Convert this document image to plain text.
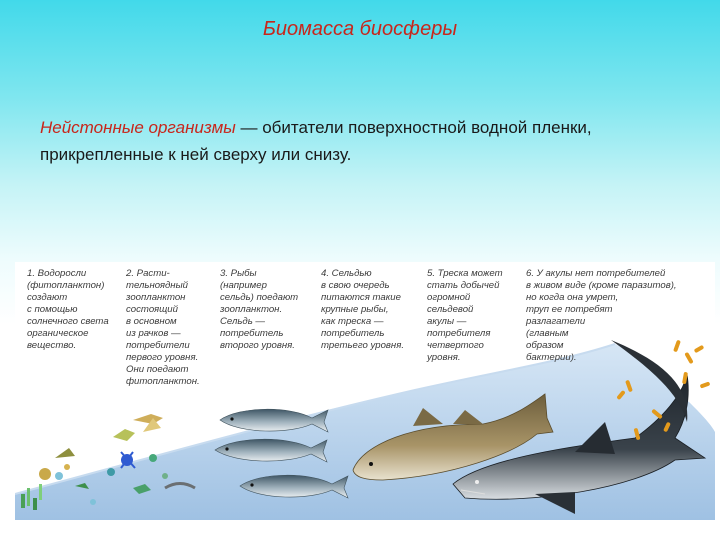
Биомасса биосферы
Нейстонные организмы — обитатели поверхностной водной пленки, прикрепленные к ней сверху или снизу.
1. Водоросли
(фитопланктон)
создают
с помощью
солнечного света
органическое
вещество.
2. Расти-
тельноядный
зоопланктон
состоящий
в основном
из рачков —
потребители
первого уровня.
Они поедают
фитопланктон.
3. Рыбы
(например
сельдь) поедают
зоопланктон.
Сельдь —
потребитель
второго уровня.
4. Сельдью
в свою очередь
питаются такие
крупные рыбы,
как треска —
потребитель
третьего уровня.
5. Треска может
стать добычей
огромной
сельдевой
акулы —
потребителя
четвертого
уровня.
6. У акулы нет потребителей
в живом виде (кроме паразитов),
но когда она умрет,
труп ее потребят
разлагатели
(главным
образом
бактерии).
